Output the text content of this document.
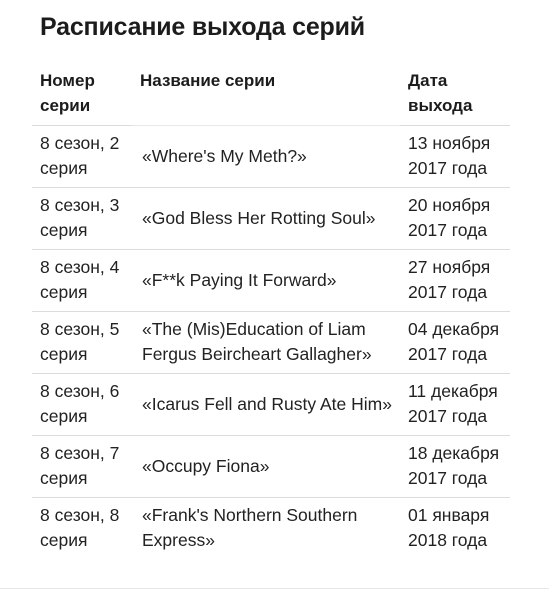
Расписание выхода серий
Номер
серии	Название серии	Дата
выхода
8 сезон, 2
серия	«Where's My Meth?»	13 ноября
2017 года
8 сезон, 3
серия	«God Bless Her Rotting Soul»	20 ноября
2017 года
8 сезон, 4
серия	«F**k Paying It Forward»	27 ноября
2017 года
8 сезон, 5
серия	«The (Mis)Education of Liam
Fergus Beircheart Gallagher»	04 декабря
2017 года
8 сезон, 6
серия	«Icarus Fell and Rusty Ate Him»	11 декабря
2017 года
8 сезон, 7
серия	«Occupy Fiona»	18 декабря
2017 года
8 сезон, 8
серия	«Frank's Northern Southern
Express»	01 января
2018 года
